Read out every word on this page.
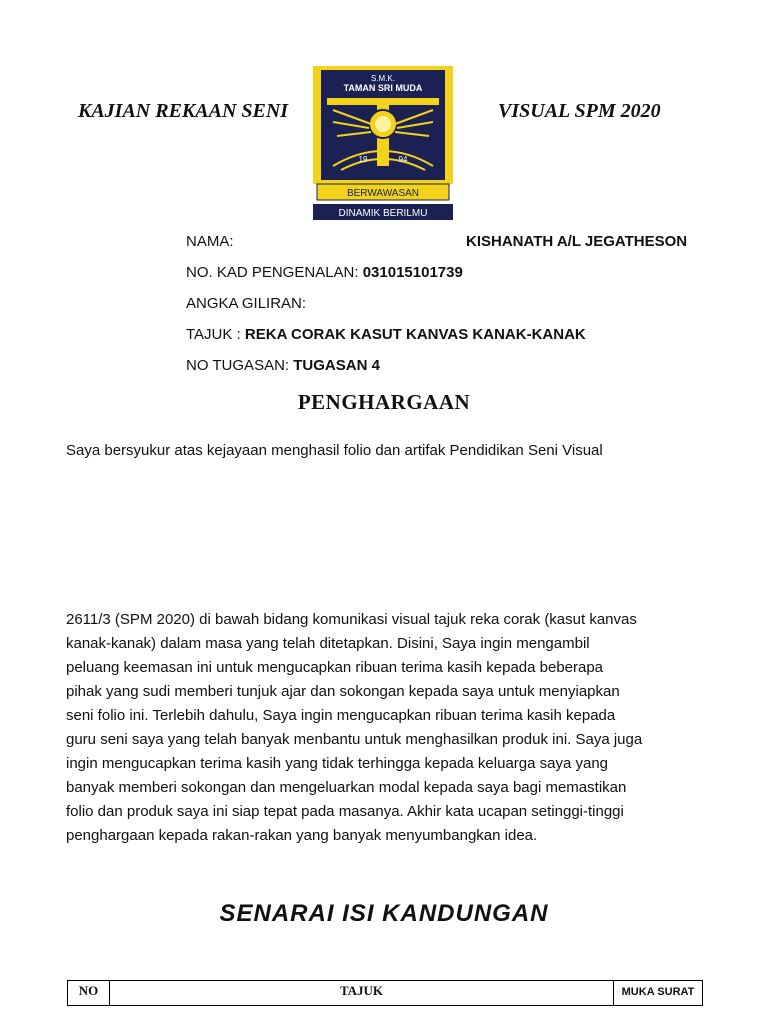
KAJIAN REKAAN SENI	VISUAL SPM 2020
S.M.K.
TAMAN SRI MUDA
19	94
BERWAWASAN
DINAMIK BERILMU
NAMA:	KISHANATH A/L JEGATHESON
NO. KAD PENGENALAN: 031015101739
ANGKA GILIRAN:
TAJUK : REKA CORAK KASUT KANVAS KANAK-KANAK
NO TUGASAN: TUGASAN 4
PENGHARGAAN
Saya bersyukur atas kejayaan menghasil folio dan artifak Pendidikan Seni Visual
2611/3 (SPM 2020) di bawah bidang komunikasi visual tajuk reka corak (kasut kanvas
kanak-kanak) dalam masa yang telah ditetapkan. Disini, Saya ingin mengambil
peluang keemasan ini untuk mengucapkan ribuan terima kasih kepada beberapa
pihak yang sudi memberi tunjuk ajar dan sokongan kepada saya untuk menyiapkan
seni folio ini. Terlebih dahulu, Saya ingin mengucapkan ribuan terima kasih kepada
guru seni saya yang telah banyak menbantu untuk menghasilkan produk ini. Saya juga
ingin mengucapkan terima kasih yang tidak terhingga kepada keluarga saya yang
banyak memberi sokongan dan mengeluarkan modal kepada saya bagi memastikan
folio dan produk saya ini siap tepat pada masanya. Akhir kata ucapan setinggi-tinggi
penghargaan kepada rakan-rakan yang banyak menyumbangkan idea.
SENARAI ISI KANDUNGAN
NO	TAJUK	MUKA SURAT
